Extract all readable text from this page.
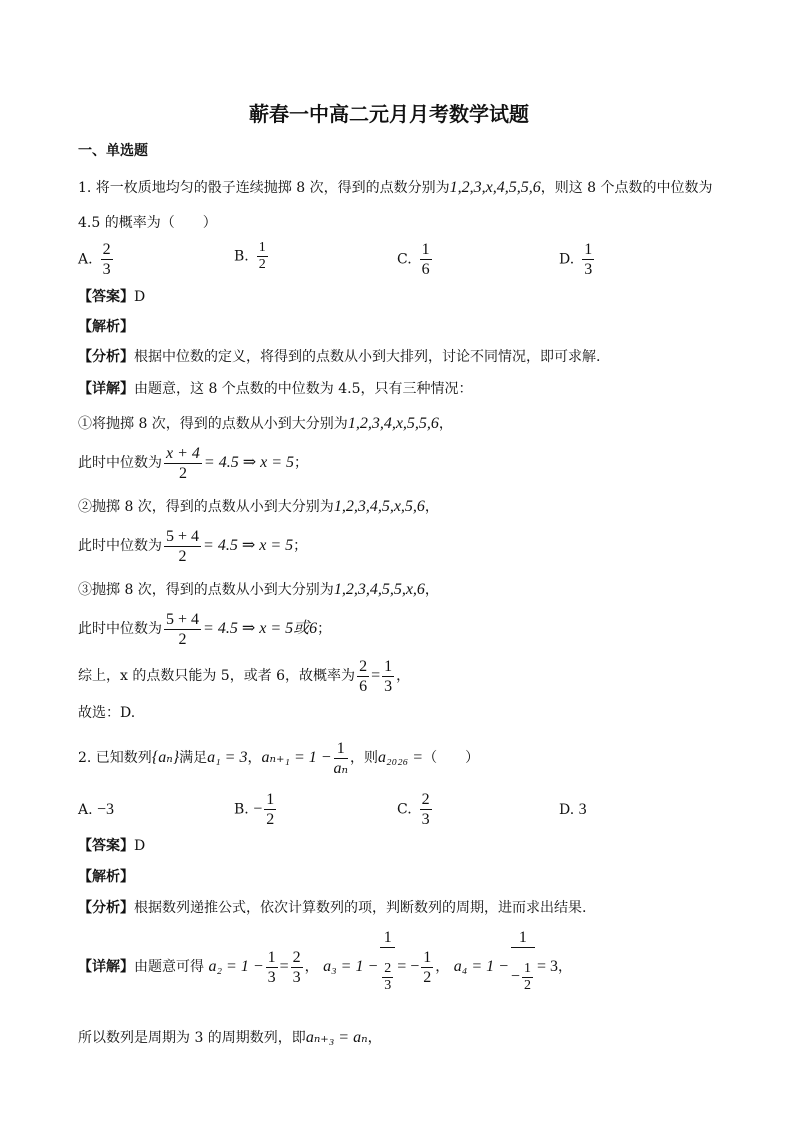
蕲春一中高二元月月考数学试题
一、单选题
1. 将一枚质地均匀的骰子连续抛掷 8 次，得到的点数分别为1,2,3,x,4,5,5,6，则这 8 个点数的中位数为
4.5 的概率为（　　）
A. $\frac{2}{3}$	B. $\frac{1}{2}$	C. $\frac{1}{6}$	D. $\frac{1}{3}$
【答案】D
【解析】
【分析】根据中位数的定义，将得到的点数从小到大排列，讨论不同情况，即可求解.
【详解】由题意，这 8 个点数的中位数为 4.5，只有三种情况：
①将抛掷 8 次，得到的点数从小到大分别为1,2,3,4,x,5,5,6，
此时中位数为 $\frac{x + 4}{2} = 4.5$ ⇒ x = 5；
②抛掷 8 次，得到的点数从小到大分别为1,2,3,4,5,x,5,6，
此时中位数为 $\frac{5 + 4}{2} = 4.5$ ⇒ x = 5；
③抛掷 8 次，得到的点数从小到大分别为1,2,3,4,5,5,x,6，
此时中位数为 $\frac{5 + 4}{2} = 4.5$ ⇒ x = 5或6；
综上，x 的点数只能为 5，或者 6，故概率为 $\frac{2}{6} = \frac{1}{3}$ ，
故选：D.
2. 已知数列{aₙ}满足a₁ = 3，$a_{n+1} = 1 - \frac{1}{\text{aₙ}}$ ，则a₂₀₂₆ =（　　）
A. −3	B. − $\frac{1}{2}$	C. $\frac{2}{3}$	D. 3
【答案】D
【解析】
【分析】根据数列递推公式，依次计算数列的项，判断数列的周期，进而求出结果.
【详解】由题意可得 $a_2 = 1 - \frac{1}{3} = \frac{2}{3}$ ， $a_3 = 1 - \frac{1}{\frac{2}{3}}$ = − $\frac{1}{2}$ ， $a_4 = 1 - \frac{1}{- \frac{1}{2}} = 3$，
所以数列是周期为 3 的周期数列，即aₙ₊₃ = aₙ，
